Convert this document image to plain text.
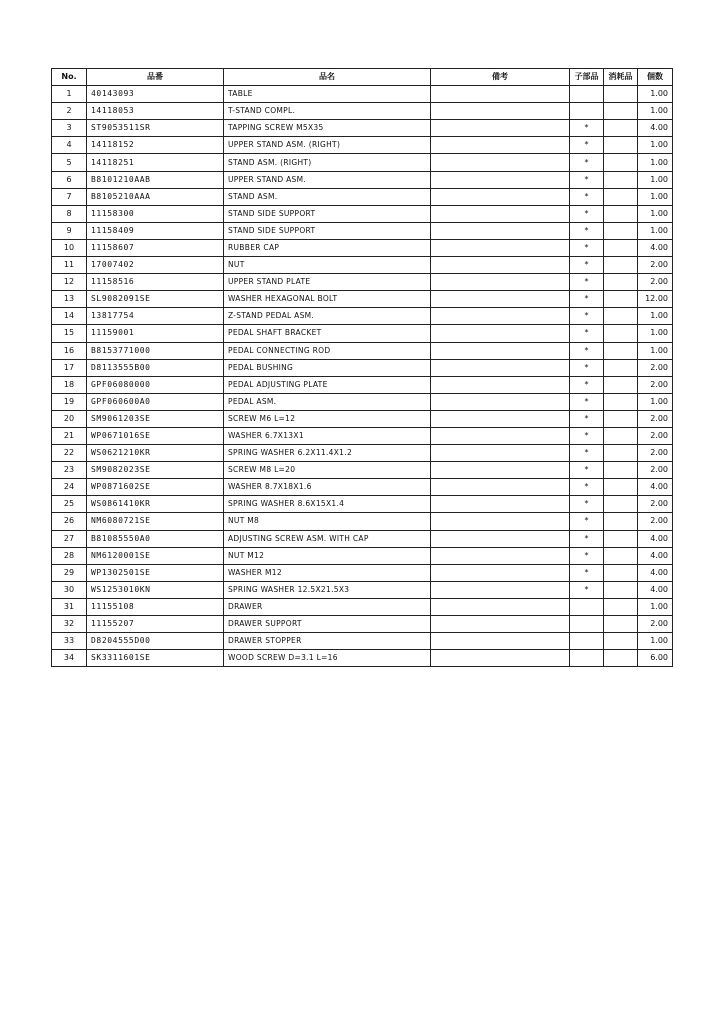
No.	品番	品名	備考	子部品	消耗品	個数
1	40143093	TABLE				1.00
2	14118053	T-STAND COMPL.				1.00
3	ST9053511SR	TAPPING SCREW M5X35		*		4.00
4	14118152	UPPER STAND ASM. (RIGHT)		*		1.00
5	14118251	STAND ASM. (RIGHT)		*		1.00
6	B8101210AAB	UPPER STAND ASM.		*		1.00
7	B8105210AAA	STAND ASM.		*		1.00
8	11158300	STAND SIDE SUPPORT		*		1.00
9	11158409	STAND SIDE SUPPORT		*		1.00
10	11158607	RUBBER CAP		*		4.00
11	17007402	NUT		*		2.00
12	11158516	UPPER STAND PLATE		*		2.00
13	SL9082091SE	WASHER HEXAGONAL BOLT		*		12.00
14	13817754	Z-STAND PEDAL ASM.		*		1.00
15	11159001	PEDAL SHAFT BRACKET		*		1.00
16	B8153771000	PEDAL CONNECTING ROD		*		1.00
17	D8113555B00	PEDAL BUSHING		*		2.00
18	GPF06080000	PEDAL ADJUSTING PLATE		*		2.00
19	GPF060600A0	PEDAL ASM.		*		1.00
20	SM9061203SE	SCREW M6 L=12		*		2.00
21	WP0671016SE	WASHER 6.7X13X1		*		2.00
22	WS0621210KR	SPRING WASHER 6.2X11.4X1.2		*		2.00
23	SM9082023SE	SCREW M8 L=20		*		2.00
24	WP0871602SE	WASHER 8.7X18X1.6		*		4.00
25	WS0861410KR	SPRING WASHER 8.6X15X1.4		*		2.00
26	NM6080721SE	NUT M8		*		2.00
27	B81085550A0	ADJUSTING SCREW ASM. WITH CAP		*		4.00
28	NM6120001SE	NUT M12		*		4.00
29	WP1302501SE	WASHER M12		*		4.00
30	WS1253010KN	SPRING WASHER 12.5X21.5X3		*		4.00
31	11155108	DRAWER				1.00
32	11155207	DRAWER SUPPORT				2.00
33	D8204555D00	DRAWER STOPPER				1.00
34	SK3311601SE	WOOD SCREW D=3.1 L=16				6.00
